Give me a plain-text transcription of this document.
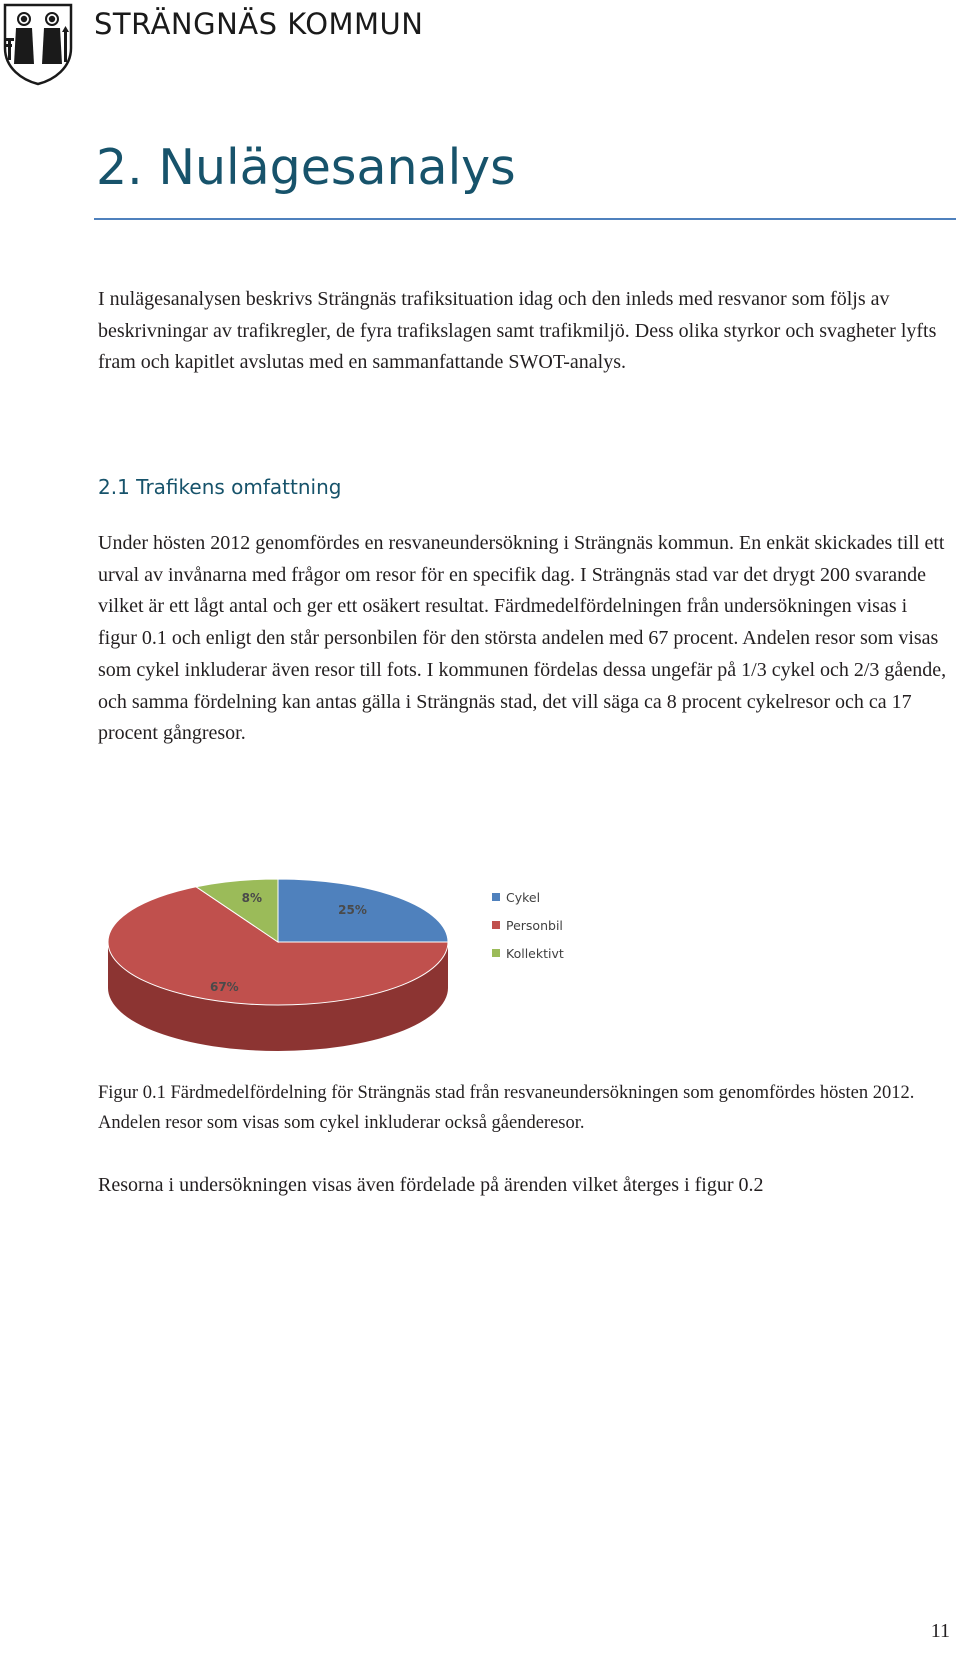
STRÄNGNÄS KOMMUN
2. Nulägesanalys

I nulägesanalysen beskrivs Strängnäs trafiksituation idag och den inleds med resvanor som följs av beskrivningar av trafikregler, de fyra trafikslagen samt trafikmiljö. Dess olika styrkor och svagheter lyfts fram och kapitlet avslutas med en sammanfattande SWOT-analys.

2.1 Trafikens omfattning

Under hösten 2012 genomfördes en resvaneundersökning i Strängnäs kommun. En enkät skickades till ett urval av invånarna med frågor om resor för en specifik dag. I Strängnäs stad var det drygt 200 svarande vilket är ett lågt antal och ger ett osäkert resultat. Färdmedelfördelningen från undersökningen visas i figur 0.1 och enligt den står personbilen för den största andelen med 67 procent. Andelen resor som visas som cykel inkluderar även resor till fots. I kommunen fördelas dessa ungefär på 1/3 cykel och 2/3 gående, och samma fördelning kan antas gälla i Strängnäs stad, det vill säga ca 8 procent cykelresor och ca 17 procent gångresor.

25%
67%
8%	Cykel
Personbil
Kollektivt

Figur 0.1 Färdmedelfördelning för Strängnäs stad från resvaneundersökningen som genomfördes hösten 2012. Andelen resor som visas som cykel inkluderar också gåenderesor.

Resorna i undersökningen visas även fördelade på ärenden vilket återges i figur 0.2

11
